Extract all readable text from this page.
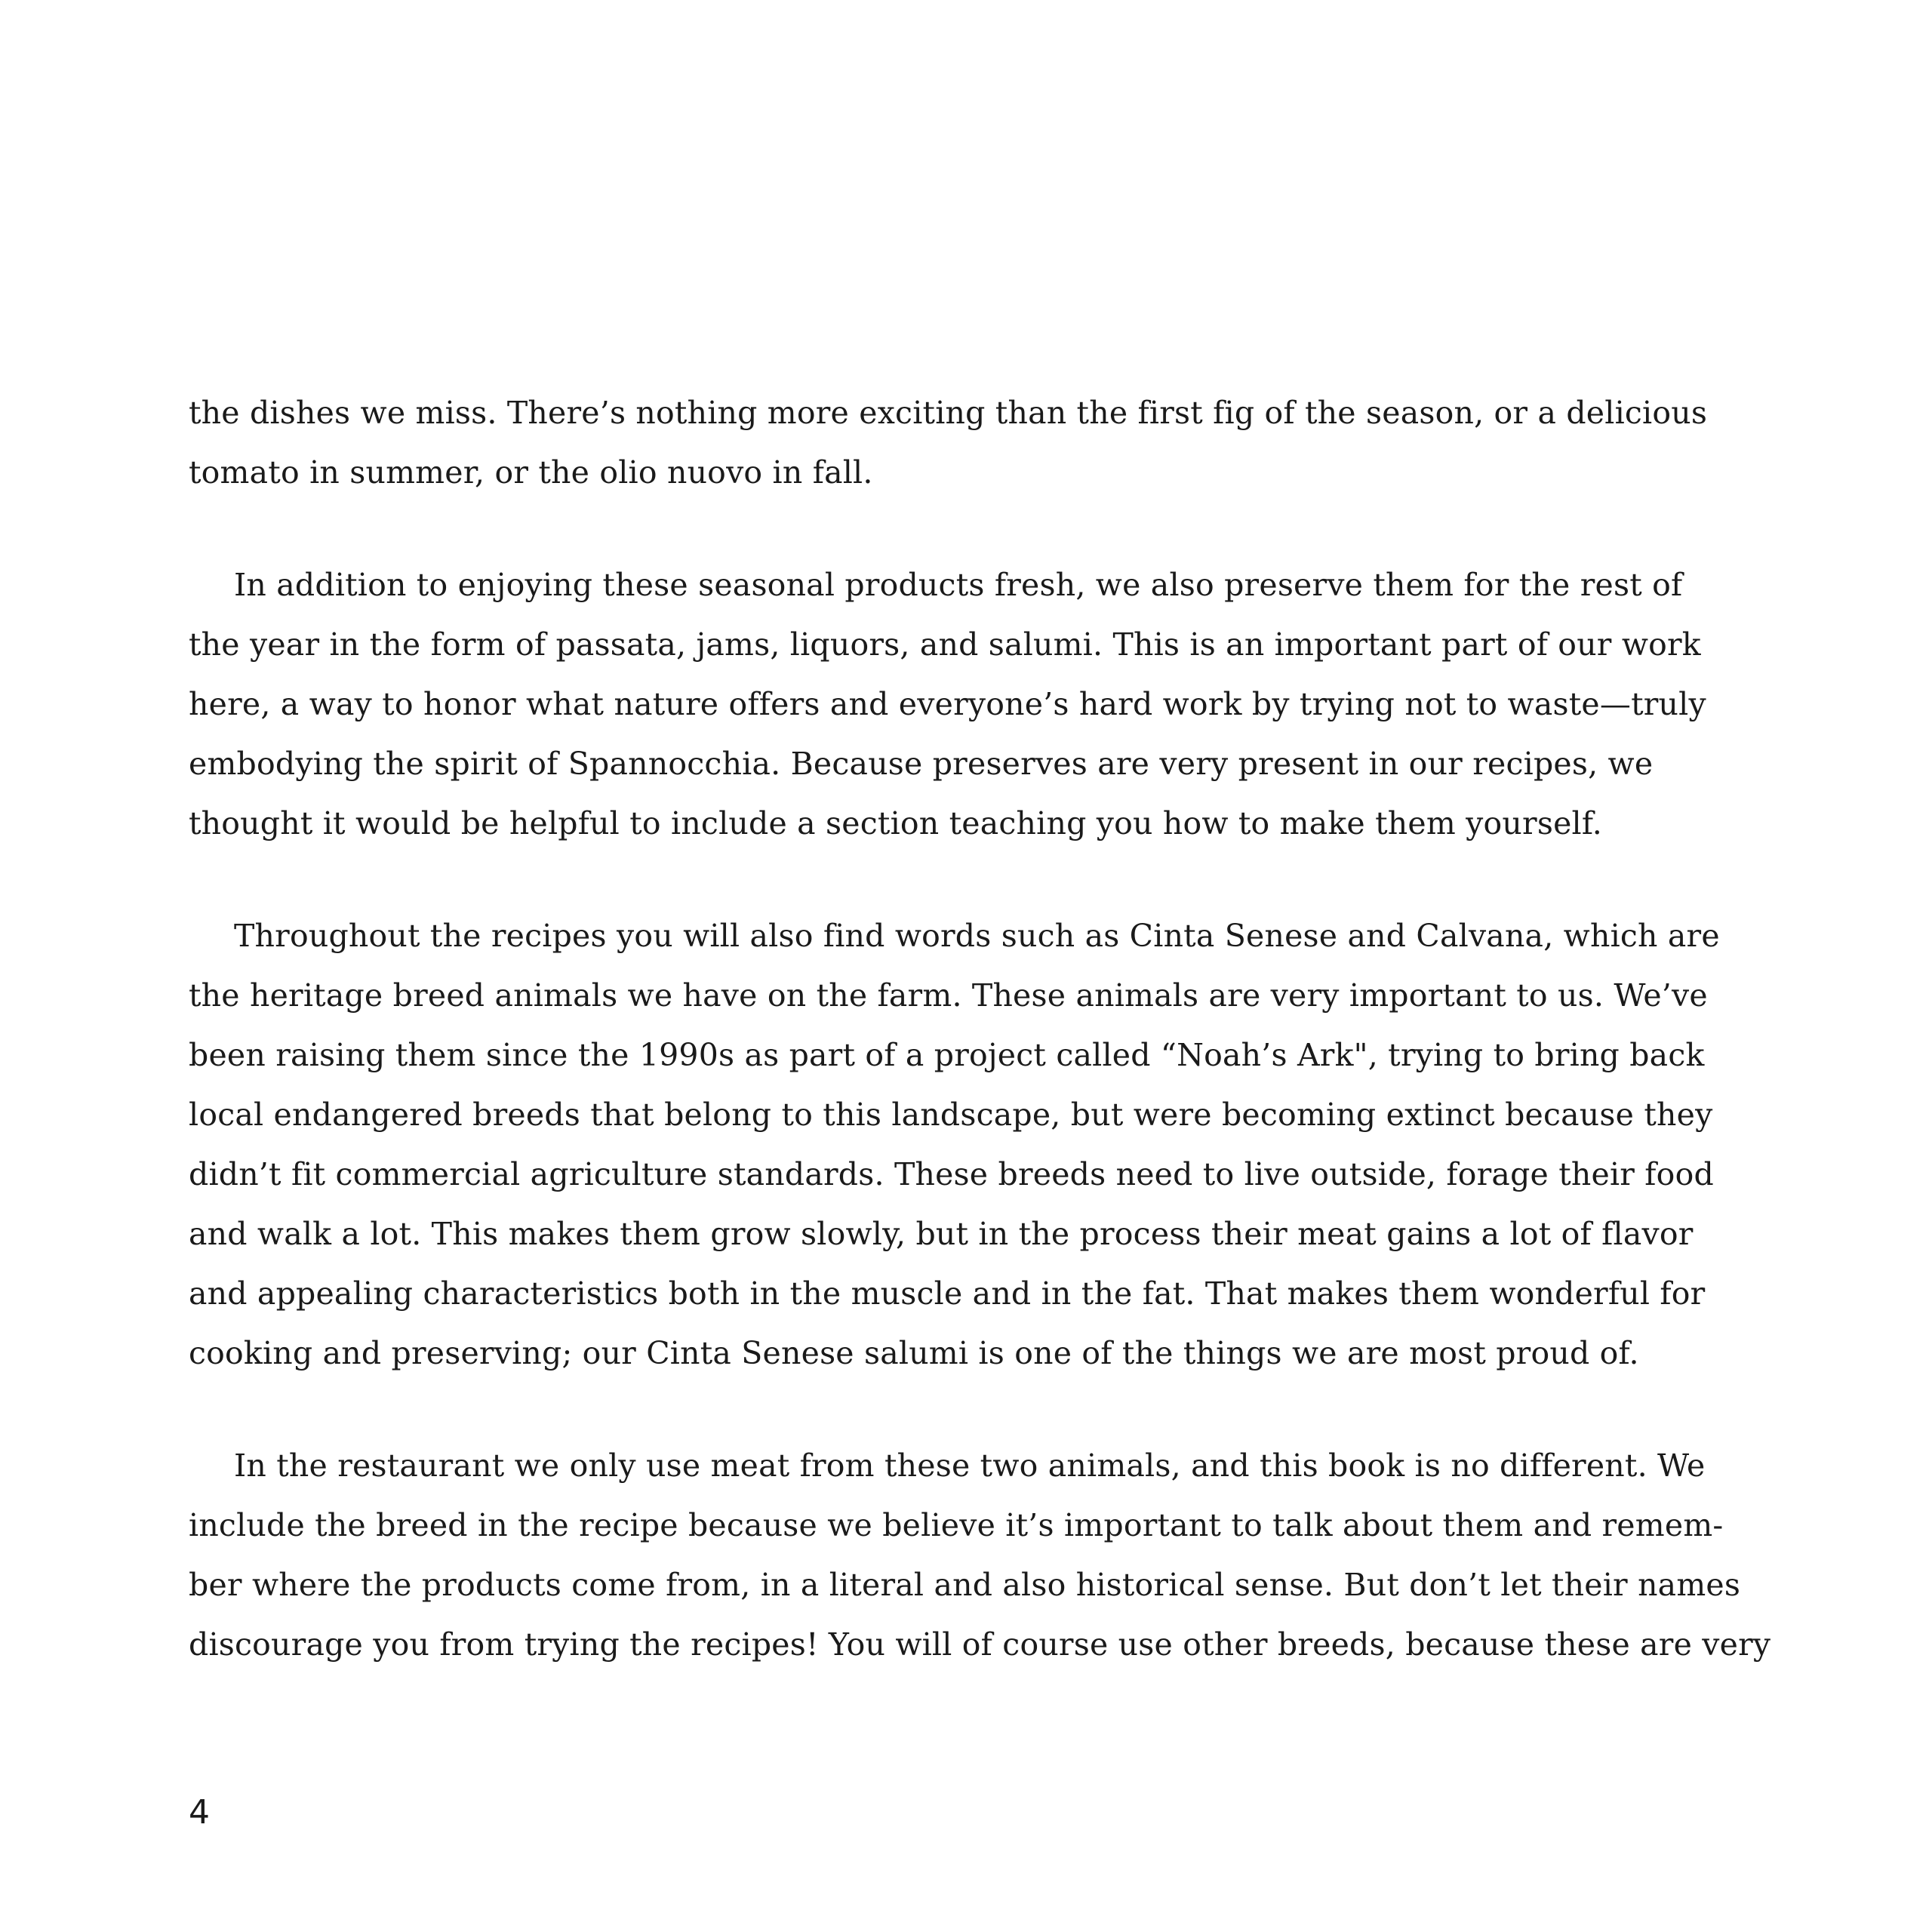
the dishes we miss. There’s nothing more exciting than the first fig of the season, or a delicious
tomato in summer, or the olio nuovo in fall.

In addition to enjoying these seasonal products fresh, we also preserve them for the rest of
the year in the form of passata, jams, liquors, and salumi. This is an important part of our work
here, a way to honor what nature offers and everyone’s hard work by trying not to waste—truly
embodying the spirit of Spannocchia. Because preserves are very present in our recipes, we
thought it would be helpful to include a section teaching you how to make them yourself.

Throughout the recipes you will also find words such as Cinta Senese and Calvana, which are
the heritage breed animals we have on the farm. These animals are very important to us. We’ve
been raising them since the 1990s as part of a project called “Noah’s Ark", trying to bring back
local endangered breeds that belong to this landscape, but were becoming extinct because they
didn’t fit commercial agriculture standards. These breeds need to live outside, forage their food
and walk a lot. This makes them grow slowly, but in the process their meat gains a lot of flavor
and appealing characteristics both in the muscle and in the fat. That makes them wonderful for
cooking and preserving; our Cinta Senese salumi is one of the things we are most proud of.

In the restaurant we only use meat from these two animals, and this book is no different. We
include the breed in the recipe because we believe it’s important to talk about them and remem-
ber where the products come from, in a literal and also historical sense. But don’t let their names
discourage you from trying the recipes! You will of course use other breeds, because these are very

4
